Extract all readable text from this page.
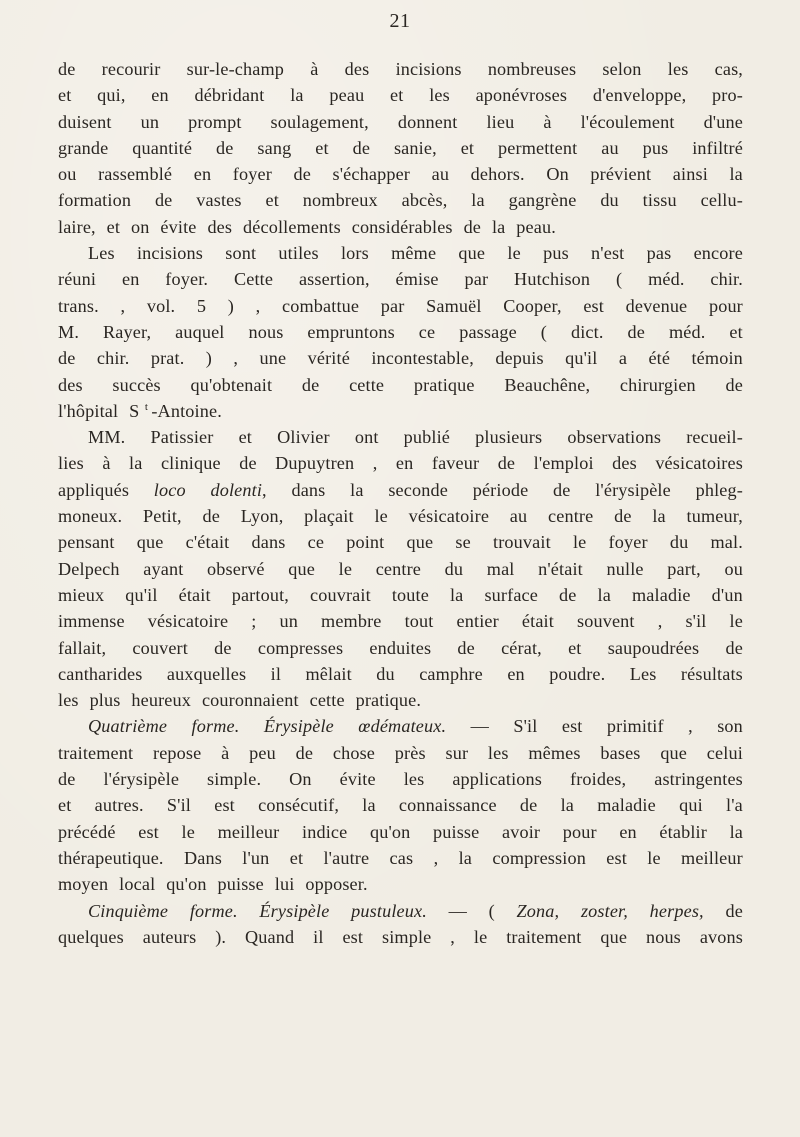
21
de recourir sur-le-champ à des incisions nombreuses selon les cas,
et qui, en débridant la peau et les aponévroses d'enveloppe, pro-
duisent un prompt soulagement, donnent lieu à l'écoulement d'une
grande quantité de sang et de sanie, et permettent au pus infiltré
ou rassemblé en foyer de s'échapper au dehors. On prévient ainsi la
formation de vastes et nombreux abcès, la gangrène du tissu cellu-
laire, et on évite des décollements considérables de la peau.
Les incisions sont utiles lors même que le pus n'est pas encore
réuni en foyer. Cette assertion, émise par Hutchison ( méd. chir.
trans. , vol. 5 ) , combattue par Samuël Cooper, est devenue pour
M. Rayer, auquel nous empruntons ce passage ( dict. de méd. et
de chir. prat. ) , une vérité incontestable, depuis qu'il a été témoin
des succès qu'obtenait de cette pratique Beauchêne, chirurgien de
l'hôpital S t -Antoine.
MM. Patissier et Olivier ont publié plusieurs observations recueil-
lies à la clinique de Dupuytren , en faveur de l'emploi des vésicatoires
appliqués loco dolenti, dans la seconde période de l'érysipèle phleg-
moneux. Petit, de Lyon, plaçait le vésicatoire au centre de la tumeur,
pensant que c'était dans ce point que se trouvait le foyer du mal.
Delpech ayant observé que le centre du mal n'était nulle part, ou
mieux qu'il était partout, couvrait toute la surface de la maladie d'un
immense vésicatoire ; un membre tout entier était souvent , s'il le
fallait, couvert de compresses enduites de cérat, et saupoudrées de
cantharides auxquelles il mêlait du camphre en poudre. Les résultats
les plus heureux couronnaient cette pratique.
Quatrième forme. Érysipèle œdémateux. — S'il est primitif , son
traitement repose à peu de chose près sur les mêmes bases que celui
de l'érysipèle simple. On évite les applications froides, astringentes
et autres. S'il est consécutif, la connaissance de la maladie qui l'a
précédé est le meilleur indice qu'on puisse avoir pour en établir la
thérapeutique. Dans l'un et l'autre cas , la compression est le meilleur
moyen local qu'on puisse lui opposer.
Cinquième forme. Érysipèle pustuleux. — ( Zona, zoster, herpes, de
quelques auteurs ). Quand il est simple , le traitement que nous avons
